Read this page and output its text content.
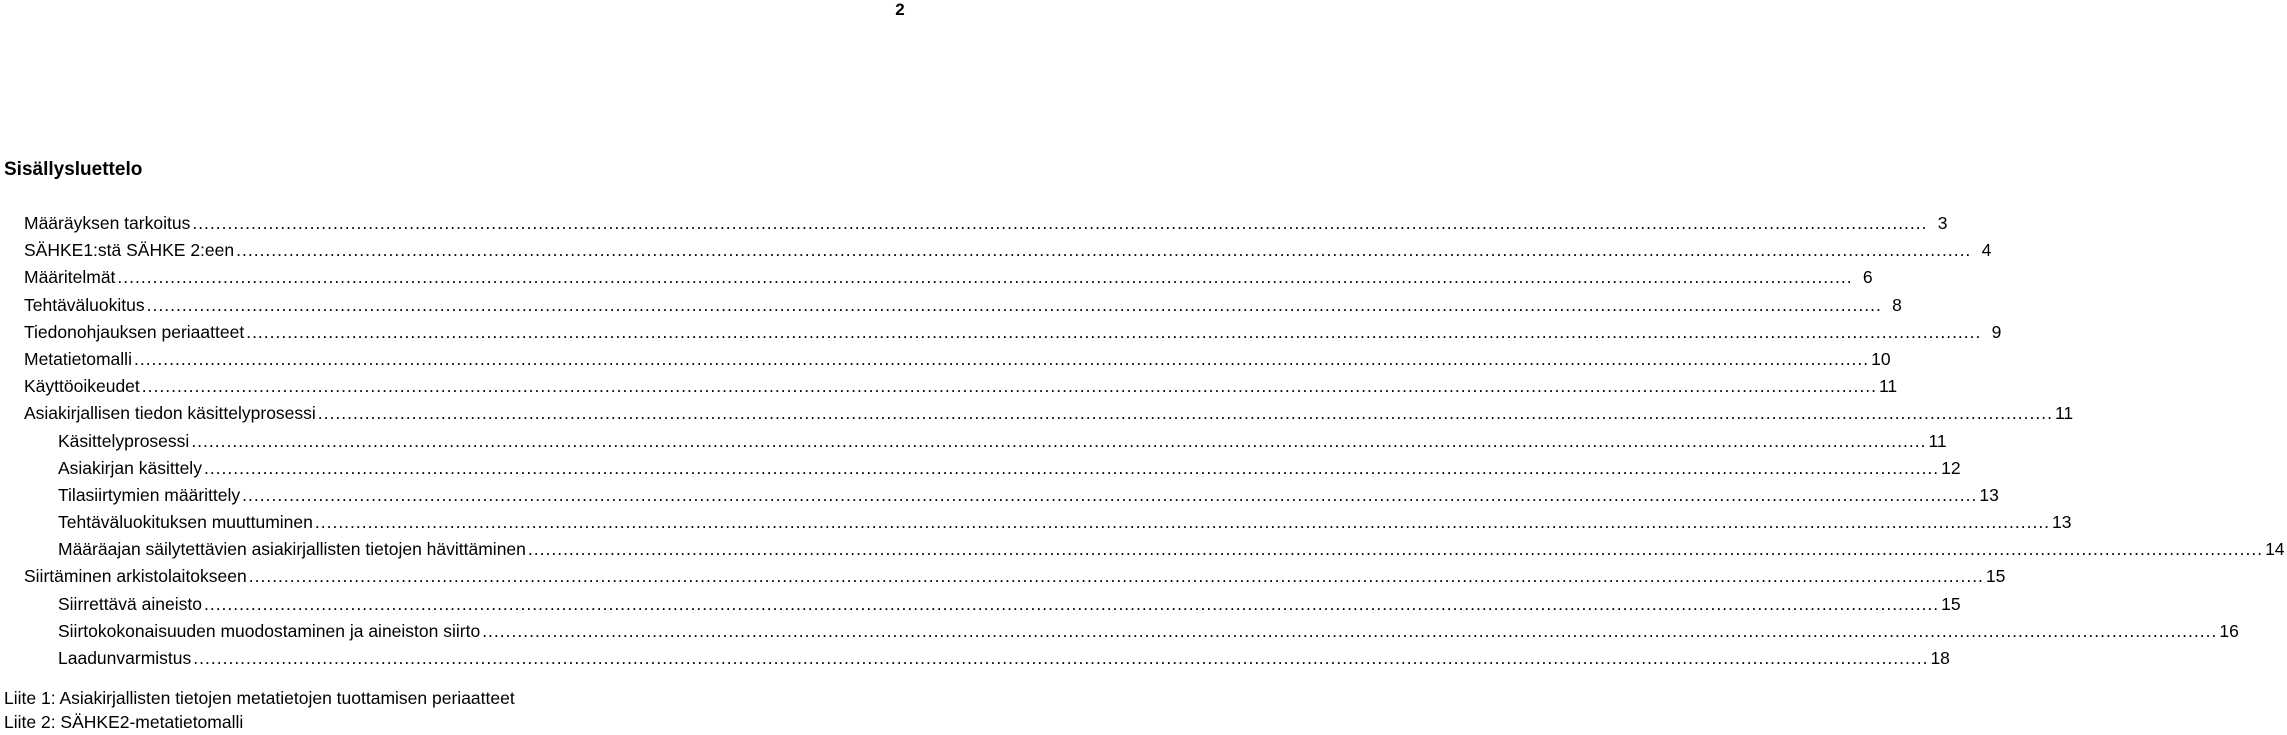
2
Sisällysluettelo
Määräyksen tarkoitus .....	3
SÄHKE1:stä SÄHKE 2:een .....	4
Määritelmät .....	6
Tehtäväluokitus .....	8
Tiedonohjauksen periaatteet .....	9
Metatietomalli .....	10
Käyttöoikeudet .....	11
Asiakirjallisen tiedon käsittelyprosessi .....	11
Käsittelyprosessi .....	11
Asiakirjan käsittely .....	12
Tilasiirtymien määrittely .....	13
Tehtäväluokituksen muuttuminen .....	13
Määräajan säilytettävien asiakirjallisten tietojen hävittäminen .....	14
Siirtäminen arkistolaitokseen .....	15
Siirrettävä aineisto .....	15
Siirtokokonaisuuden muodostaminen ja aineiston siirto .....	16
Laadunvarmistus .....	18
Liite 1: Asiakirjallisten tietojen metatietojen tuottamisen periaatteet
Liite 2: SÄHKE2-metatietomalli
